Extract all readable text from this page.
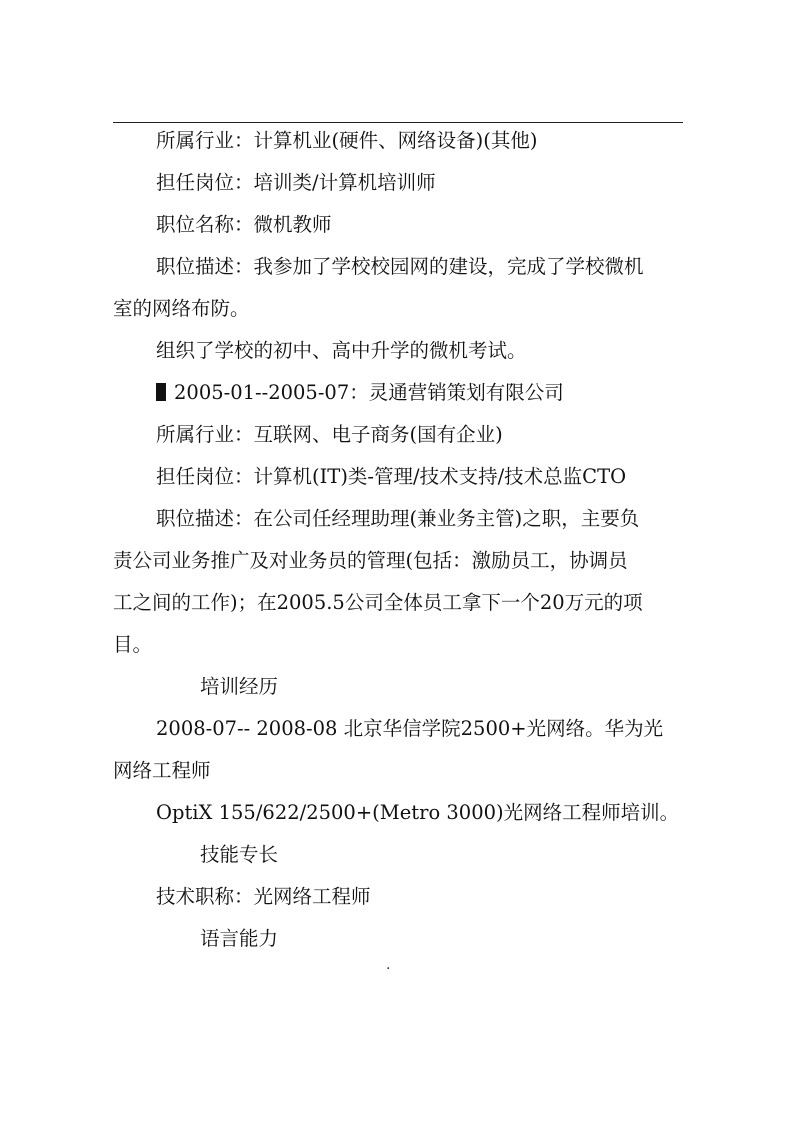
所属行业：计算机业(硬件、网络设备)(其他)
担任岗位：培训类/计算机培训师
职位名称：微机教师
职位描述：我参加了学校校园网的建设，完成了学校微机
室的网络布防。
组织了学校的初中、高中升学的微机考试。
2005-01--2005-07：灵通营销策划有限公司
所属行业：互联网、电子商务(国有企业)
担任岗位：计算机(IT)类-管理/技术支持/技术总监CTO
职位描述：在公司任经理助理(兼业务主管)之职，主要负
责公司业务推广及对业务员的管理(包括：激励员工，协调员
工之间的工作)；在2005.5公司全体员工拿下一个20万元的项
目。
培训经历
2008-07-- 2008-08 北京华信学院2500+光网络。华为光
网络工程师
OptiX 155/622/2500+(Metro 3000)光网络工程师培训。
技能专长
技术职称：光网络工程师
语言能力
.
